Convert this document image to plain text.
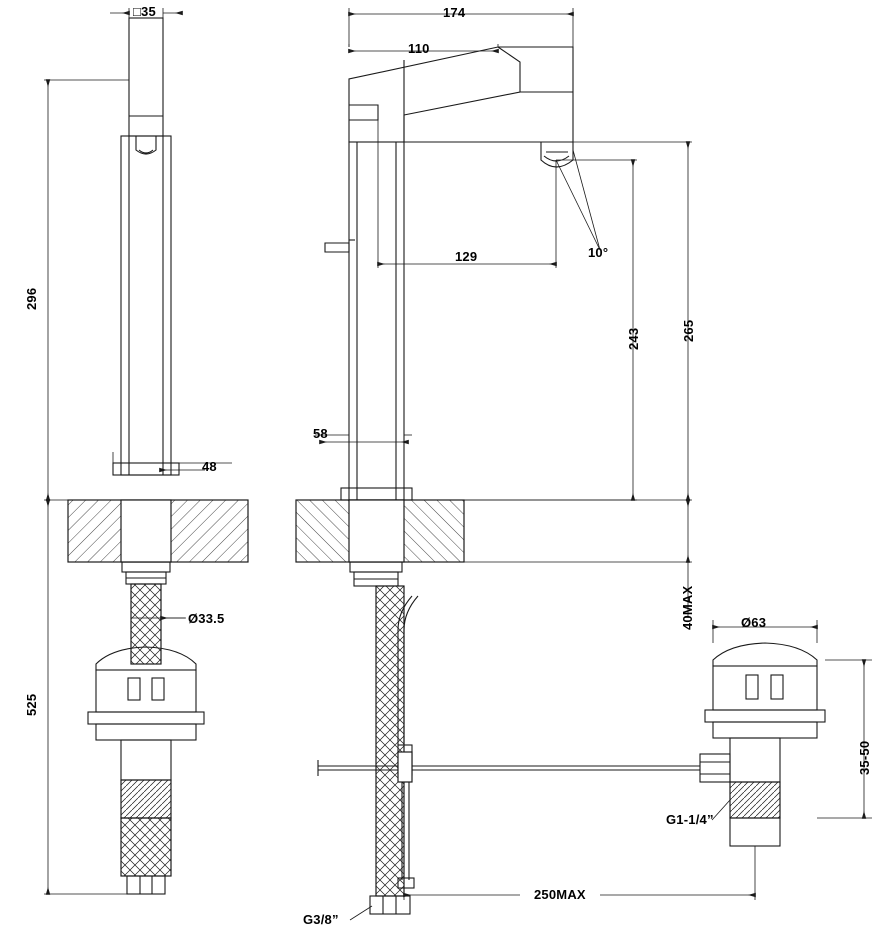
□35
296
525
48
Ø33.5
174
110
129	10°
243	265
58
40MAX	Ø63
35-50
G1-1/4”
G3/8”
250MAX
